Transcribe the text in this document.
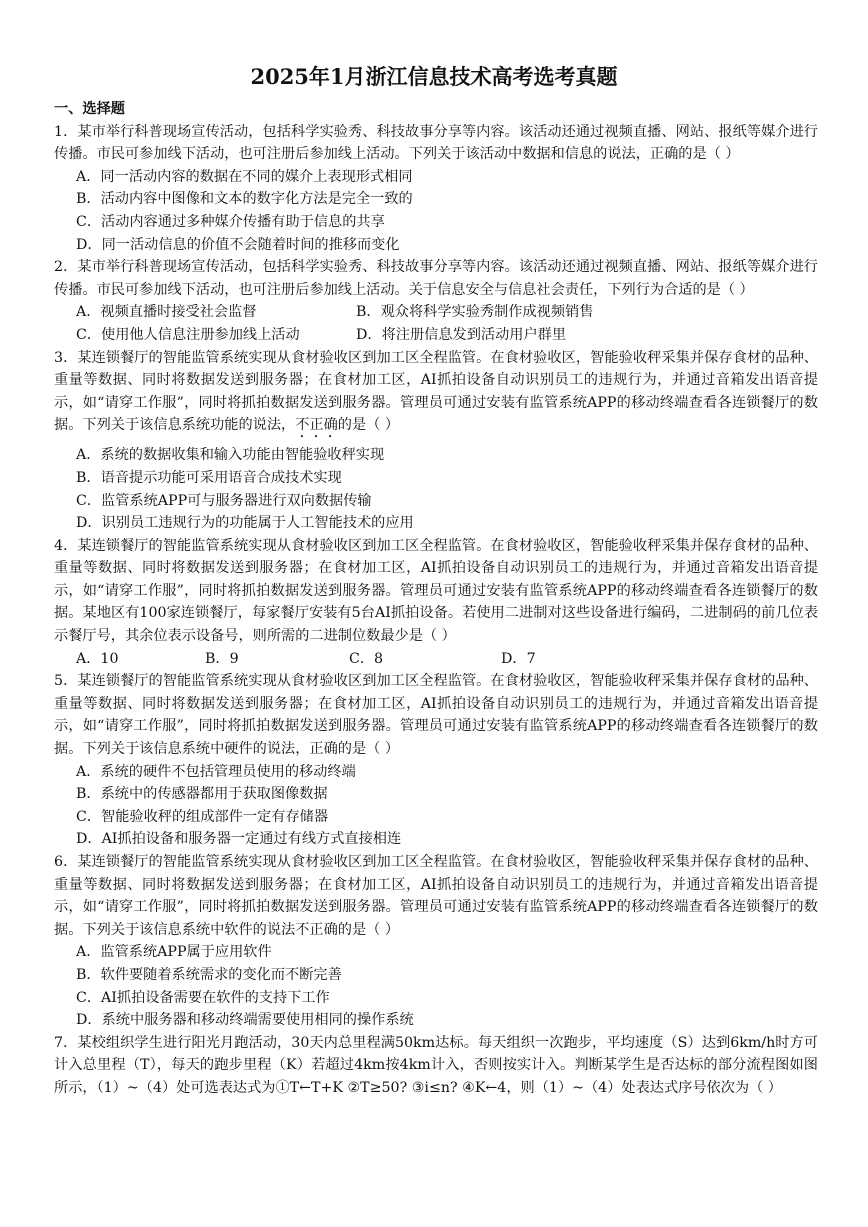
2025年1月浙江信息技术高考选考真题
一、选择题

1．某市举行科普现场宣传活动，包括科学实验秀、科技故事分享等内容。该活动还通过视频直播、网站、报纸等媒介进行传播。市民可参加线下活动，也可注册后参加线上活动。下列关于该活动中数据和信息的说法，正确的是（ ）

A．同一活动内容的数据在不同的媒介上表现形式相同
B．活动内容中图像和文本的数字化方法是完全一致的
C．活动内容通过多种媒介传播有助于信息的共享
D．同一活动信息的价值不会随着时间的推移而变化

2．某市举行科普现场宣传活动，包括科学实验秀、科技故事分享等内容。该活动还通过视频直播、网站、报纸等媒介进行传播。市民可参加线下活动，也可注册后参加线上活动。关于信息安全与信息社会责任，下列行为合适的是（ ）

A．视频直播时接受社会监督	B．观众将科学实验秀制作成视频销售
C．使用他人信息注册参加线上活动	D．将注册信息发到活动用户群里

3．某连锁餐厅的智能监管系统实现从食材验收区到加工区全程监管。在食材验收区，智能验收秤采集并保存食材的品种、重量等数据、同时将数据发送到服务器；在食材加工区，AI抓拍设备自动识别员工的违规行为，并通过音箱发出语音提示，如“请穿工作服”，同时将抓拍数据发送到服务器。管理员可通过安装有监管系统APP的移动终端查看各连锁餐厅的数据。下列关于该信息系统功能的说法，不正确的是（ ）

A．系统的数据收集和输入功能由智能验收秤实现
B．语音提示功能可采用语音合成技术实现
C．监管系统APP可与服务器进行双向数据传输
D．识别员工违规行为的功能属于人工智能技术的应用

4．某连锁餐厅的智能监管系统实现从食材验收区到加工区全程监管。在食材验收区，智能验收秤采集并保存食材的品种、重量等数据、同时将数据发送到服务器；在食材加工区，AI抓拍设备自动识别员工的违规行为，并通过音箱发出语音提示，如“请穿工作服”，同时将抓拍数据发送到服务器。管理员可通过安装有监管系统APP的移动终端查看各连锁餐厅的数据。某地区有100家连锁餐厅，每家餐厅安装有5台AI抓拍设备。若使用二进制对这些设备进行编码，二进制码的前几位表示餐厅号，其余位表示设备号，则所需的二进制位数最少是（ ）

A．10	B．9	C．8	D．7

5．某连锁餐厅的智能监管系统实现从食材验收区到加工区全程监管。在食材验收区，智能验收秤采集并保存食材的品种、重量等数据、同时将数据发送到服务器；在食材加工区，AI抓拍设备自动识别员工的违规行为，并通过音箱发出语音提示，如“请穿工作服”，同时将抓拍数据发送到服务器。管理员可通过安装有监管系统APP的移动终端查看各连锁餐厅的数据。下列关于该信息系统中硬件的说法，正确的是（ ）

A．系统的硬件不包括管理员使用的移动终端
B．系统中的传感器都用于获取图像数据
C．智能验收秤的组成部件一定有存储器
D．AI抓拍设备和服务器一定通过有线方式直接相连

6．某连锁餐厅的智能监管系统实现从食材验收区到加工区全程监管。在食材验收区，智能验收秤采集并保存食材的品种、重量等数据、同时将数据发送到服务器；在食材加工区，AI抓拍设备自动识别员工的违规行为，并通过音箱发出语音提示，如“请穿工作服”，同时将抓拍数据发送到服务器。管理员可通过安装有监管系统APP的移动终端查看各连锁餐厅的数据。下列关于该信息系统中软件的说法不正确的是（ ）

A．监管系统APP属于应用软件
B．软件要随着系统需求的变化而不断完善
C．AI抓拍设备需要在软件的支持下工作
D．系统中服务器和移动终端需要使用相同的操作系统

7．某校组织学生进行阳光月跑活动，30天内总里程满50km达标。每天组织一次跑步，平均速度（S）达到6km/h时方可计入总里程（T），每天的跑步里程（K）若超过4km按4km计入，否则按实计入。判断某学生是否达标的部分流程图如图所示，（1）~（4）处可选表达式为①T←T+K ②T≥50? ③i≤n? ④K←4，则（1）~（4）处表达式序号依次为（ ）
